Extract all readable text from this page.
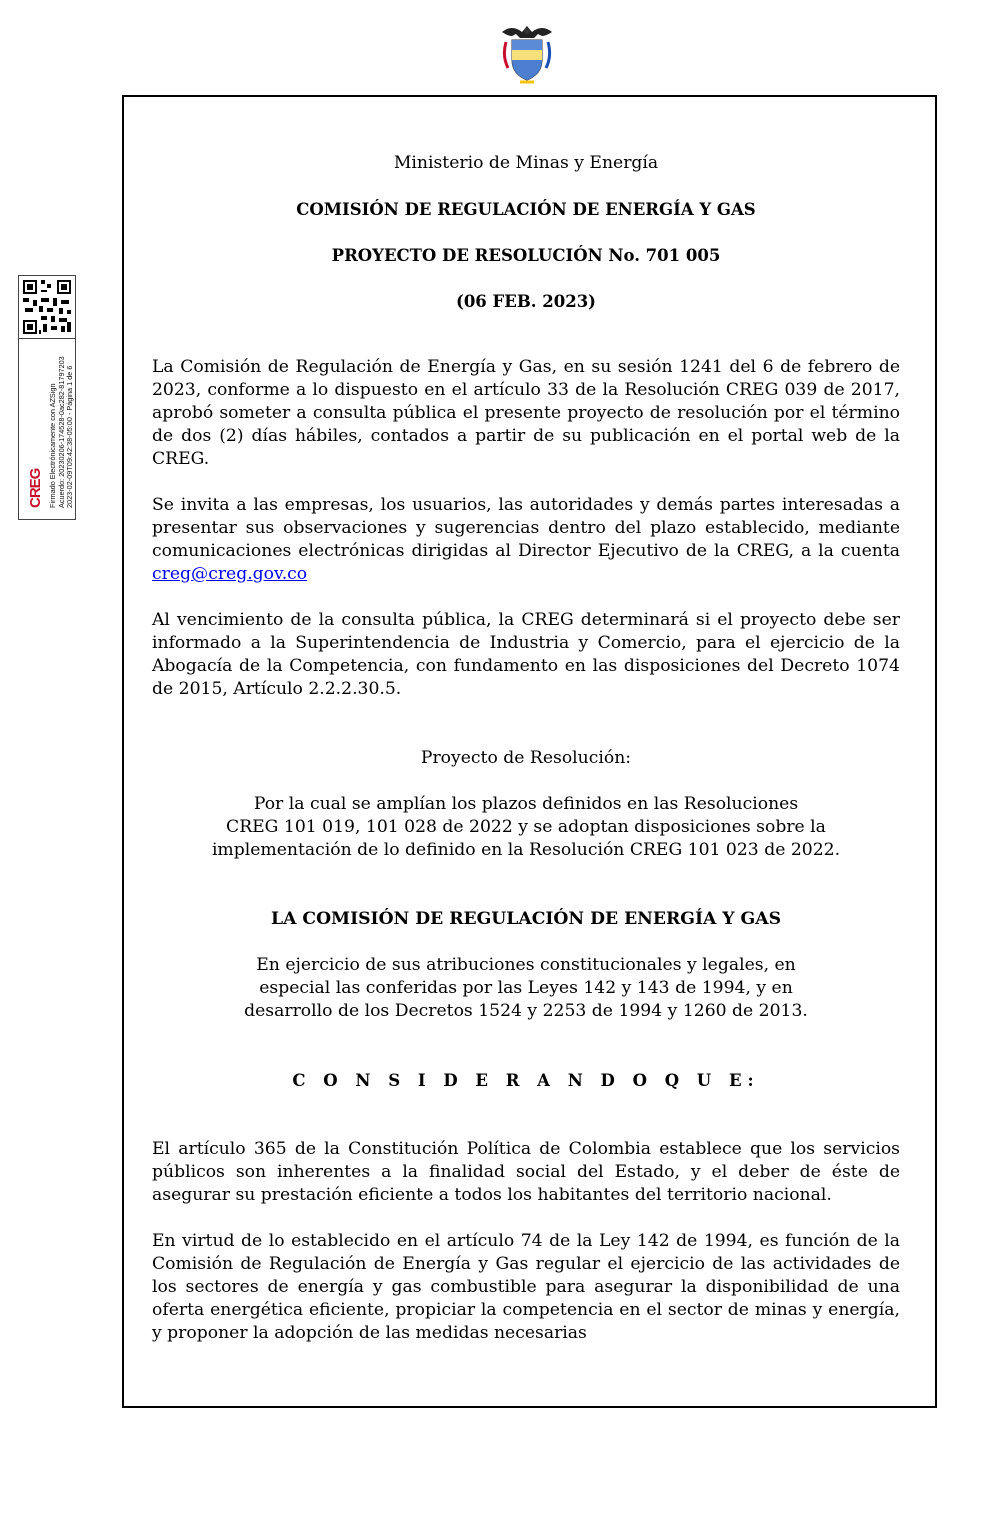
CREG Firmado Electrónicamente con AZSign Acuerdo: 20230206-174528-0ac282-81797203 2023-02-09T09:42:38-05:00 - Página 1 de 6

Ministerio de Minas y Energía

COMISIÓN DE REGULACIÓN DE ENERGÍA Y GAS

PROYECTO DE RESOLUCIÓN No. 701 005

(06 FEB. 2023)

La Comisión de Regulación de Energía y Gas, en su sesión 1241 del 6 de febrero de 2023, conforme a lo dispuesto en el artículo 33 de la Resolución CREG 039 de 2017, aprobó someter a consulta pública el presente proyecto de resolución por el término de dos (2) días hábiles, contados a partir de su publicación en el portal web de la CREG.

Se invita a las empresas, los usuarios, las autoridades y demás partes interesadas a presentar sus observaciones y sugerencias dentro del plazo establecido, mediante comunicaciones electrónicas dirigidas al Director Ejecutivo de la CREG, a la cuenta creg@creg.gov.co

Al vencimiento de la consulta pública, la CREG determinará si el proyecto debe ser informado a la Superintendencia de Industria y Comercio, para el ejercicio de la Abogacía de la Competencia, con fundamento en las disposiciones del Decreto 1074 de 2015, Artículo 2.2.2.30.5.

Proyecto de Resolución:

Por la cual se amplían los plazos definidos en las Resoluciones
CREG 101 019, 101 028 de 2022 y se adoptan disposiciones sobre la
implementación de lo definido en la Resolución CREG 101 023 de 2022.

LA COMISIÓN DE REGULACIÓN DE ENERGÍA Y GAS

En ejercicio de sus atribuciones constitucionales y legales, en
especial las conferidas por las Leyes 142 y 143 de 1994, y en
desarrollo de los Decretos 1524 y 2253 de 1994 y 1260 de 2013.

C O N S I D E R A N D O Q U E:

El artículo 365 de la Constitución Política de Colombia establece que los servicios públicos son inherentes a la finalidad social del Estado, y el deber de éste de asegurar su prestación eficiente a todos los habitantes del territorio nacional.

En virtud de lo establecido en el artículo 74 de la Ley 142 de 1994, es función de la Comisión de Regulación de Energía y Gas regular el ejercicio de las actividades de los sectores de energía y gas combustible para asegurar la disponibilidad de una oferta energética eficiente, propiciar la competencia en el sector de minas y energía, y proponer la adopción de las medidas necesarias
